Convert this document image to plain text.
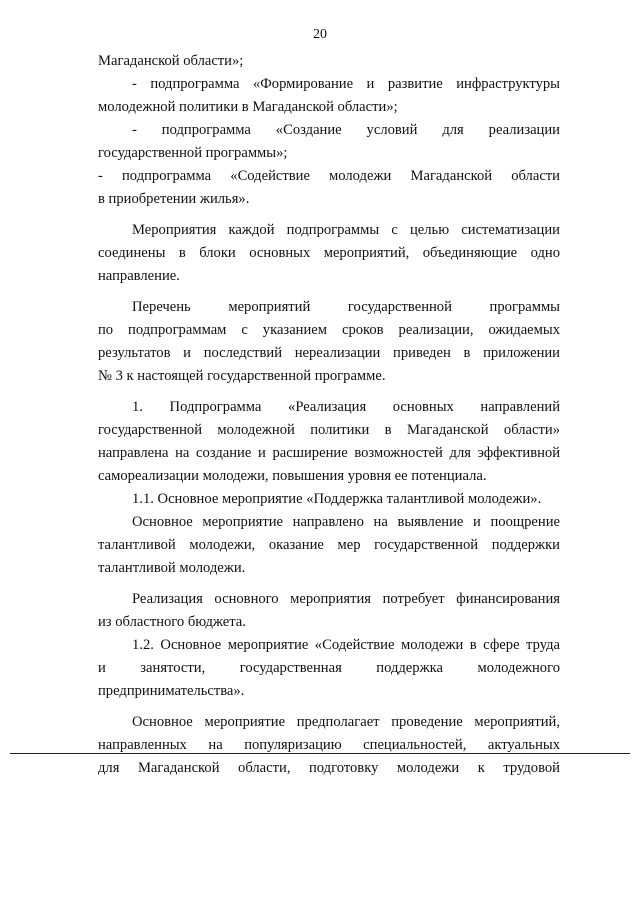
20
Магаданской области»;
- подпрограмма «Формирование и развитие инфраструктуры
молодежной политики в Магаданской области»;
- подпрограмма «Создание условий для реализации
государственной программы»;
- подпрограмма «Содействие молодежи Магаданской области
в приобретении жилья».
Мероприятия каждой подпрограммы с целью систематизации
соединены в блоки основных мероприятий, объединяющие одно
направление.
Перечень мероприятий государственной программы
по подпрограммам с указанием сроков реализации, ожидаемых
результатов и последствий нереализации приведен в приложении
№ 3 к настоящей государственной программе.
1. Подпрограмма «Реализация основных направлений
государственной молодежной политики в Магаданской области»
направлена на создание и расширение возможностей для эффективной
самореализации молодежи, повышения уровня ее потенциала.
1.1. Основное мероприятие «Поддержка талантливой молодежи».
Основное мероприятие направлено на выявление и поощрение
талантливой молодежи, оказание мер государственной поддержки
талантливой молодежи.
Реализация основного мероприятия потребует финансирования
из областного бюджета.
1.2. Основное мероприятие «Содействие молодежи в сфере труда
и занятости, государственная поддержка молодежного
предпринимательства».
Основное мероприятие предполагает проведение мероприятий,
направленных на популяризацию специальностей, актуальных
для Магаданской области, подготовку молодежи к трудовой
